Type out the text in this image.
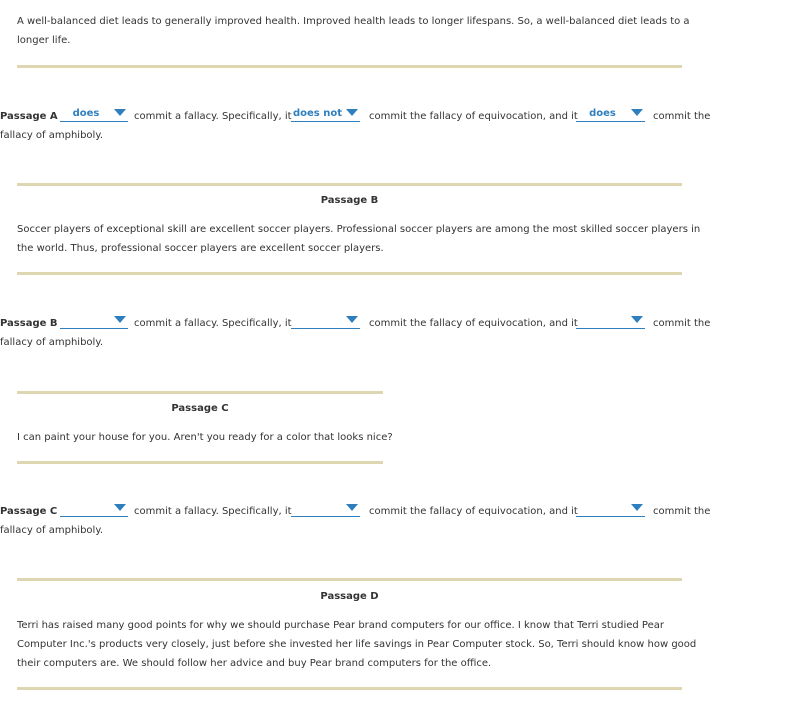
A well-balanced diet leads to generally improved health. Improved health leads to longer lifespans. So, a well-balanced diet leads to a
longer life.
Passage A	does	commit a fallacy. Specifically, it does not	commit the fallacy of equivocation, and it	does	commit the
fallacy of amphiboly.
Passage B
Soccer players of exceptional skill are excellent soccer players. Professional soccer players are among the most skilled soccer players in
the world. Thus, professional soccer players are excellent soccer players.
Passage B	commit a fallacy. Specifically, it	commit the fallacy of equivocation, and it	commit the
fallacy of amphiboly.
Passage C
I can paint your house for you. Aren't you ready for a color that looks nice?
Passage C	commit a fallacy. Specifically, it	commit the fallacy of equivocation, and it	commit the
fallacy of amphiboly.
Passage D
Terri has raised many good points for why we should purchase Pear brand computers for our office. I know that Terri studied Pear
Computer Inc.'s products very closely, just before she invested her life savings in Pear Computer stock. So, Terri should know how good
their computers are. We should follow her advice and buy Pear brand computers for the office.
